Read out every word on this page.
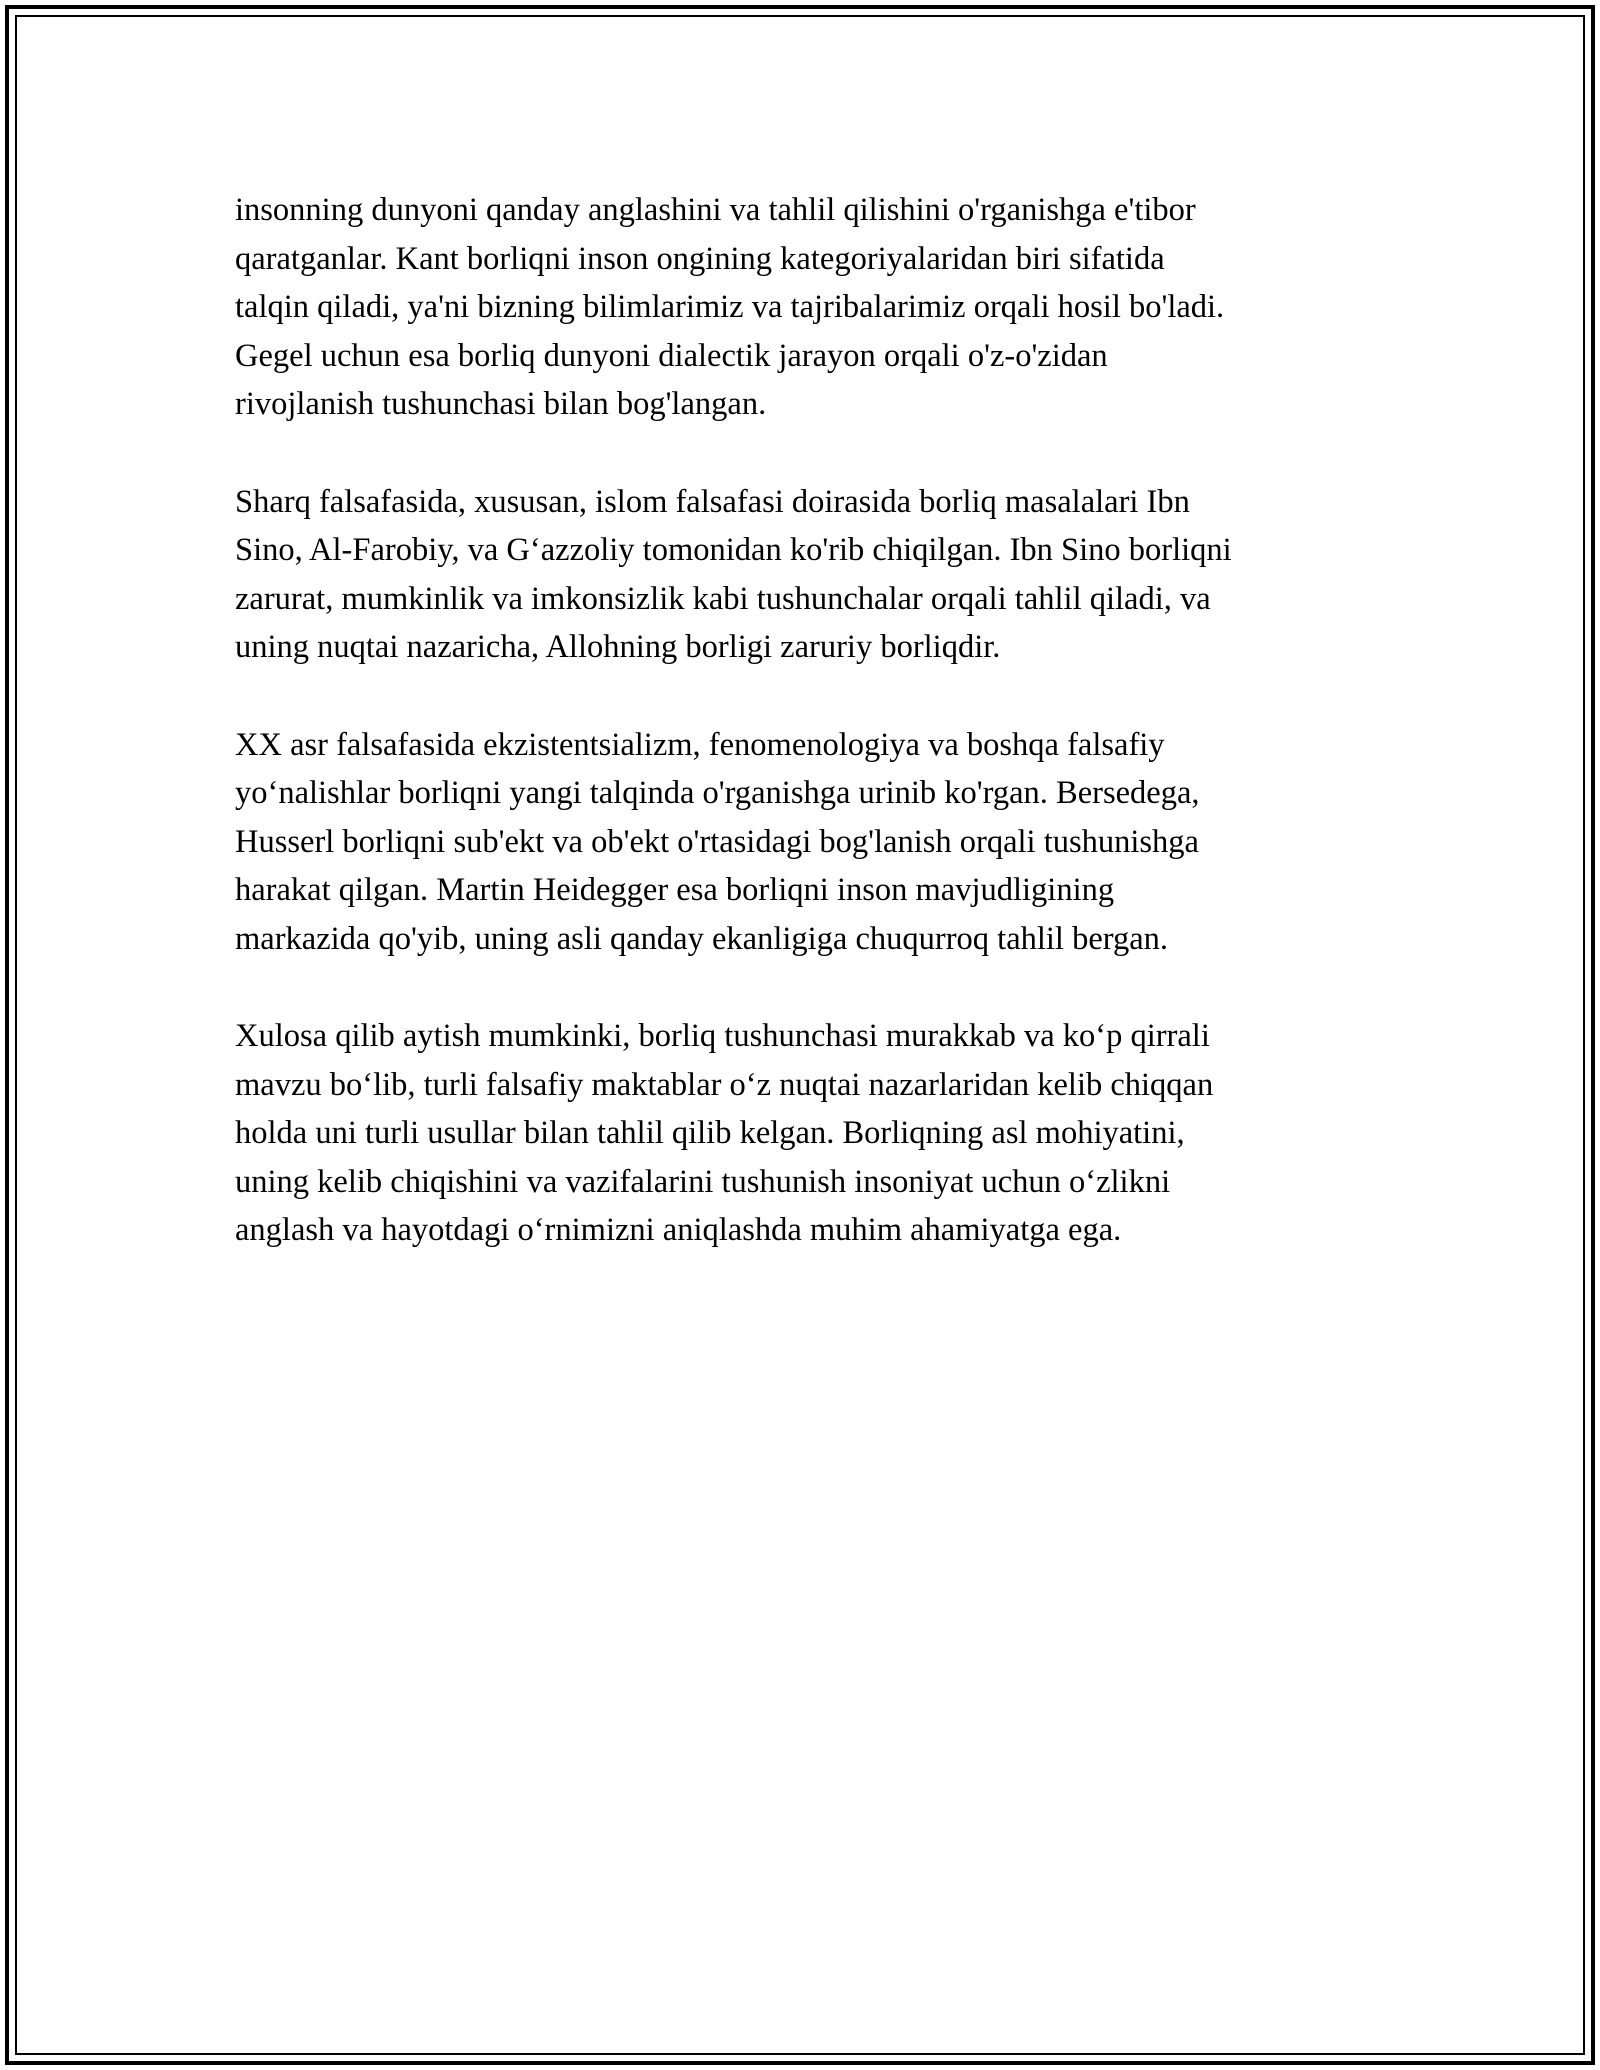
insonning dunyoni qanday anglashini va tahlil qilishini o'rganishga e'tibor
qaratganlar. Kant borliqni inson ongining kategoriyalaridan biri sifatida
talqin qiladi, ya'ni bizning bilimlarimiz va tajribalarimiz orqali hosil bo'ladi.
Gegel uchun esa borliq dunyoni dialectik jarayon orqali o'z-o'zidan
rivojlanish tushunchasi bilan bog'langan.

Sharq falsafasida, xususan, islom falsafasi doirasida borliq masalalari Ibn
Sino, Al-Farobiy, va G‘azzoliy tomonidan ko'rib chiqilgan. Ibn Sino borliqni
zarurat, mumkinlik va imkonsizlik kabi tushunchalar orqali tahlil qiladi, va
uning nuqtai nazaricha, Allohning borligi zaruriy borliqdir.

XX asr falsafasida ekzistentsializm, fenomenologiya va boshqa falsafiy
yo‘nalishlar borliqni yangi talqinda o'rganishga urinib ko'rgan. Bersedega,
Husserl borliqni sub'ekt va ob'ekt o'rtasidagi bog'lanish orqali tushunishga
harakat qilgan. Martin Heidegger esa borliqni inson mavjudligining
markazida qo'yib, uning asli qanday ekanligiga chuqurroq tahlil bergan.

Xulosa qilib aytish mumkinki, borliq tushunchasi murakkab va ko‘p qirrali
mavzu bo‘lib, turli falsafiy maktablar o‘z nuqtai nazarlaridan kelib chiqqan
holda uni turli usullar bilan tahlil qilib kelgan. Borliqning asl mohiyatini,
uning kelib chiqishini va vazifalarini tushunish insoniyat uchun o‘zlikni
anglash va hayotdagi o‘rnimizni aniqlashda muhim ahamiyatga ega.
